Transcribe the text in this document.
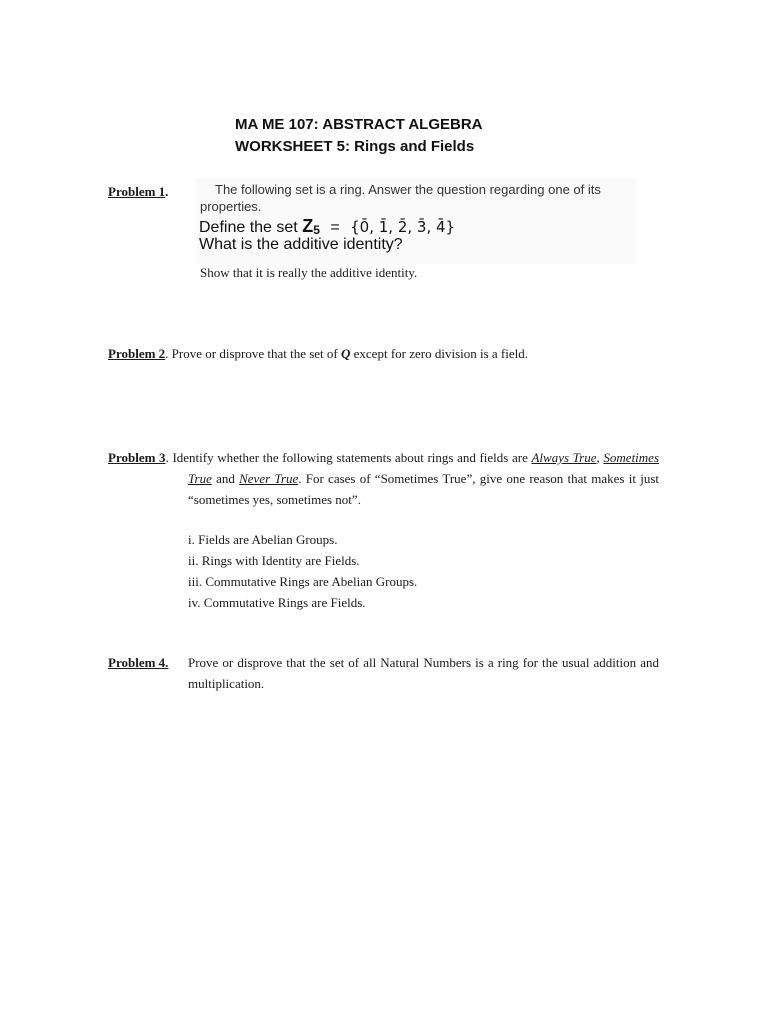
MA ME 107: ABSTRACT ALGEBRA
WORKSHEET 5: Rings and Fields
Problem 1.	The following set is a ring. Answer the question regarding one of its properties.
Define the set $Z_5$ = {0̄, 1̄, 2̄, 3̄, 4̄}
What is the additive identity?
Show that it is really the additive identity.
Problem 2. Prove or disprove that the set of Q except for zero division is a field.
Problem 3. Identify whether the following statements about rings and fields are Always True, Sometimes True and Never True. For cases of “Sometimes True”, give one reason that makes it just “sometimes yes, sometimes not”.
i. Fields are Abelian Groups.
ii. Rings with Identity are Fields.
iii. Commutative Rings are Abelian Groups.
iv. Commutative Rings are Fields.
Problem 4.	Prove or disprove that the set of all Natural Numbers is a ring for the usual addition and multiplication.
